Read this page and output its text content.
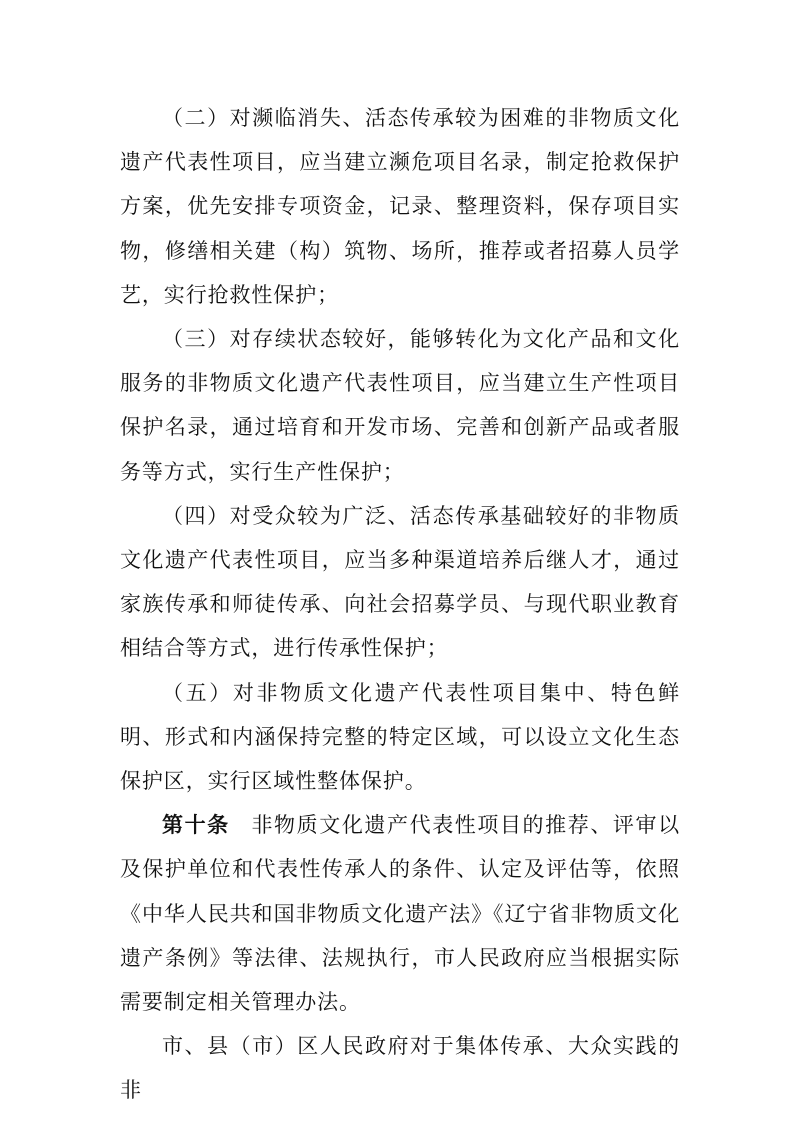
（二）对濒临消失、活态传承较为困难的非物质文化遗产代表性项目，应当建立濒危项目名录，制定抢救保护方案，优先安排专项资金，记录、整理资料，保存项目实物，修缮相关建（构）筑物、场所，推荐或者招募人员学艺，实行抢救性保护；

（三）对存续状态较好，能够转化为文化产品和文化服务的非物质文化遗产代表性项目，应当建立生产性项目保护名录，通过培育和开发市场、完善和创新产品或者服务等方式，实行生产性保护；

（四）对受众较为广泛、活态传承基础较好的非物质文化遗产代表性项目，应当多种渠道培养后继人才，通过家族传承和师徒传承、向社会招募学员、与现代职业教育相结合等方式，进行传承性保护；

（五）对非物质文化遗产代表性项目集中、特色鲜明、形式和内涵保持完整的特定区域，可以设立文化生态保护区，实行区域性整体保护。

第十条 非物质文化遗产代表性项目的推荐、评审以及保护单位和代表性传承人的条件、认定及评估等，依照《中华人民共和国非物质文化遗产法》《辽宁省非物质文化遗产条例》等法律、法规执行，市人民政府应当根据实际需要制定相关管理办法。

市、县（市）区人民政府对于集体传承、大众实践的非
